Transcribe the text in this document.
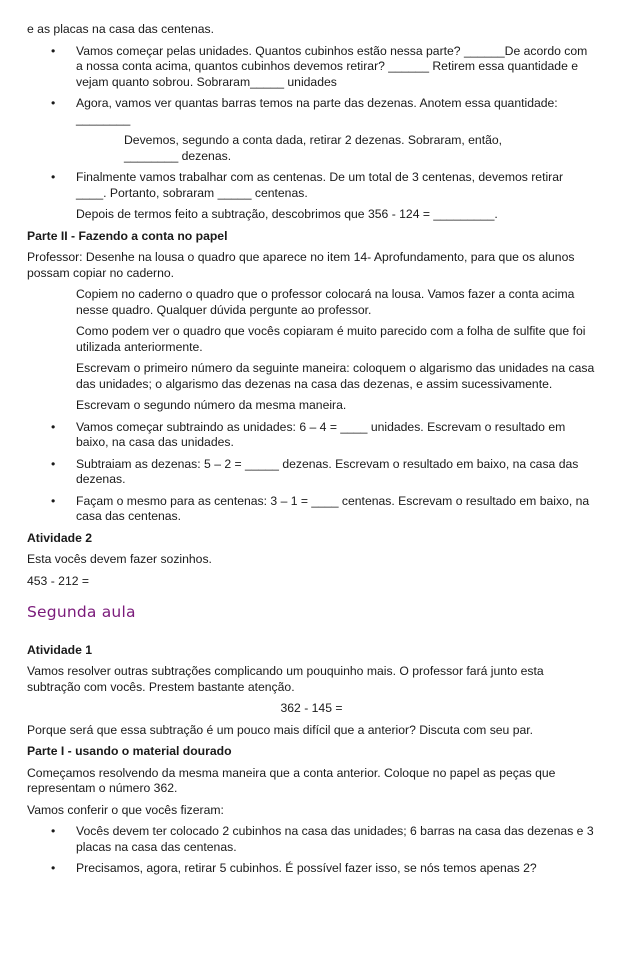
e as placas na casa das centenas.

• Vamos começar pelas unidades. Quantos cubinhos estão nessa parte? ______De acordo com a nossa conta acima, quantos cubinhos devemos retirar? ______ Retirem essa quantidade e vejam quanto sobrou. Sobraram_____ unidades

• Agora, vamos ver quantas barras temos na parte das dezenas. Anotem essa quantidade: ________

Devemos, segundo a conta dada, retirar 2 dezenas. Sobraram, então, ________ dezenas.

• Finalmente vamos trabalhar com as centenas. De um total de 3 centenas, devemos retirar ____. Portanto, sobraram _____ centenas.

Depois de termos feito a subtração, descobrimos que 356 - 124 = _________.

Parte II - Fazendo a conta no papel

Professor: Desenhe na lousa o quadro que aparece no item 14- Aprofundamento, para que os alunos possam copiar no caderno.

Copiem no caderno o quadro que o professor colocará na lousa. Vamos fazer a conta acima nesse quadro. Qualquer dúvida pergunte ao professor.

Como podem ver o quadro que vocês copiaram é muito parecido com a folha de sulfite que foi utilizada anteriormente.

Escrevam o primeiro número da seguinte maneira: coloquem o algarismo das unidades na casa das unidades; o algarismo das dezenas na casa das dezenas, e assim sucessivamente.

Escrevam o segundo número da mesma maneira.

• Vamos começar subtraindo as unidades: 6 – 4 = ____ unidades. Escrevam o resultado em baixo, na casa das unidades.

• Subtraiam as dezenas: 5 – 2 = _____ dezenas. Escrevam o resultado em baixo, na casa das dezenas.

• Façam o mesmo para as centenas: 3 – 1 = ____ centenas. Escrevam o resultado em baixo, na casa das centenas.

Atividade 2

Esta vocês devem fazer sozinhos.

453 - 212 =

Segunda aula

Atividade 1

Vamos resolver outras subtrações complicando um pouquinho mais. O professor fará junto esta subtração com vocês. Prestem bastante atenção.

362 - 145 =

Porque será que essa subtração é um pouco mais difícil que a anterior? Discuta com seu par.

Parte I - usando o material dourado

Começamos resolvendo da mesma maneira que a conta anterior. Coloque no papel as peças que representam o número 362.

Vamos conferir o que vocês fizeram:

• Vocês devem ter colocado 2 cubinhos na casa das unidades; 6 barras na casa das dezenas e 3 placas na casa das centenas.

• Precisamos, agora, retirar 5 cubinhos. É possível fazer isso, se nós temos apenas 2?
